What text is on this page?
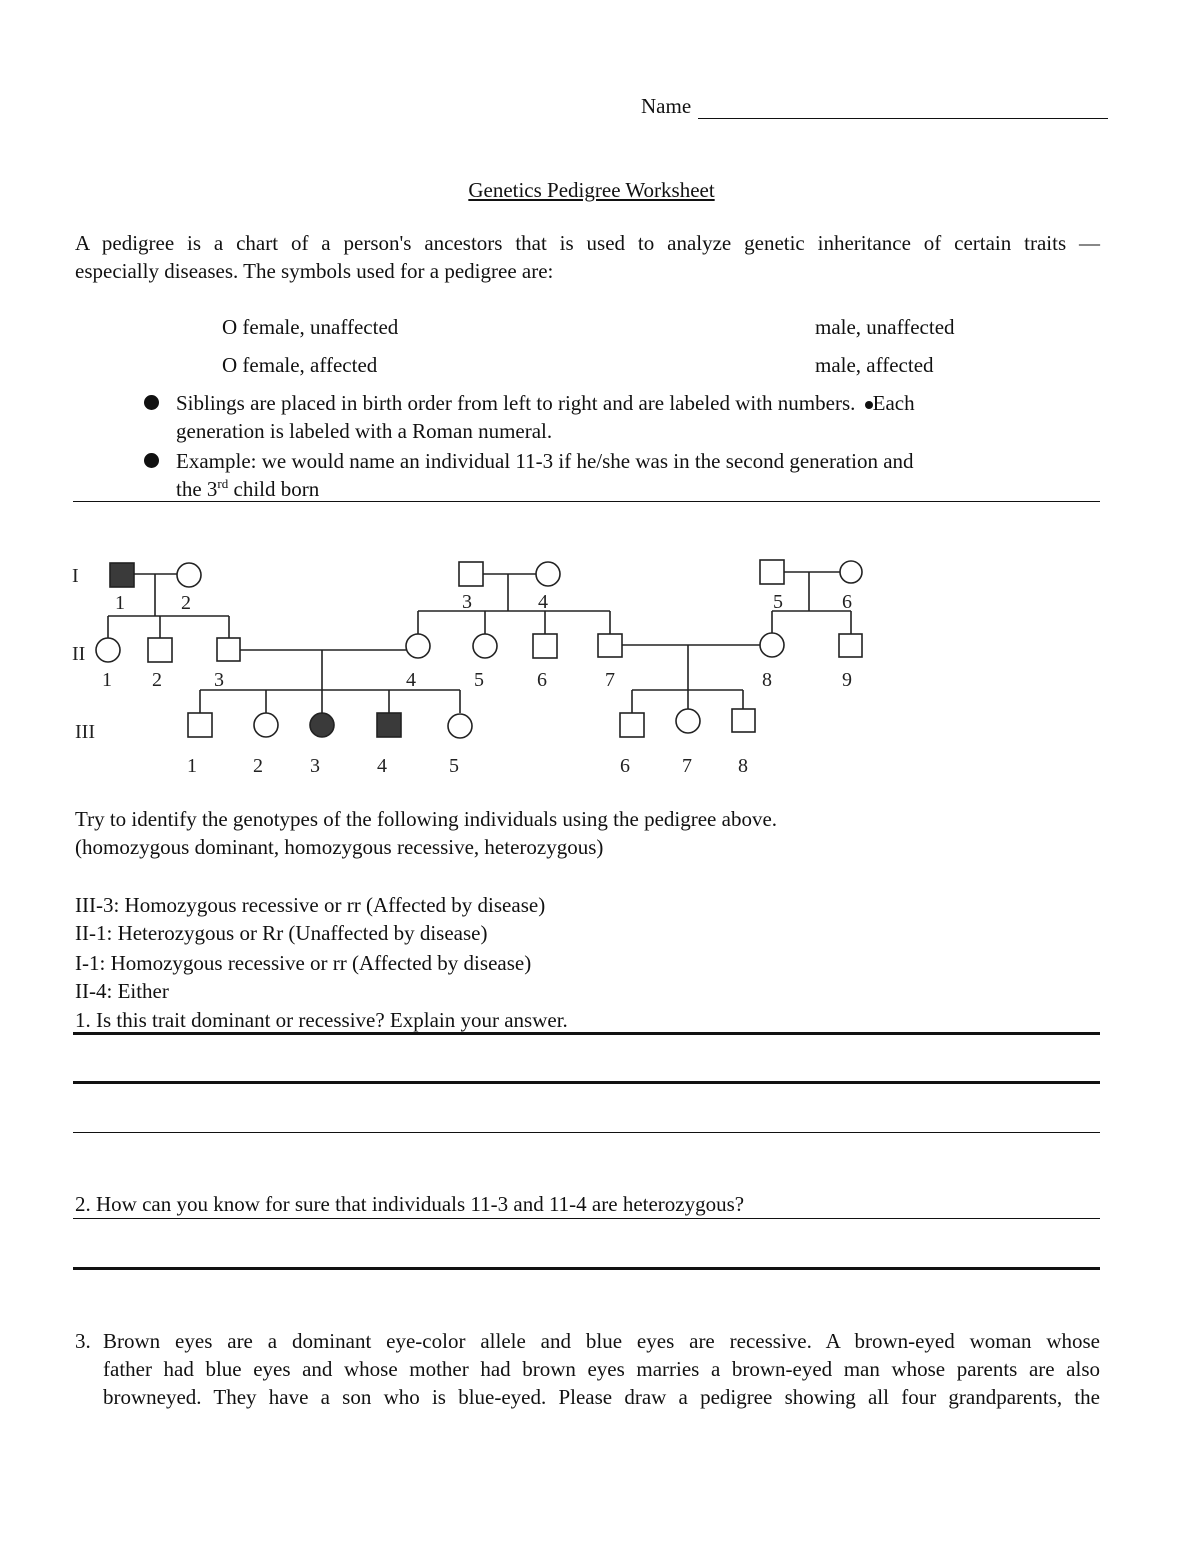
Name
Genetics Pedigree Worksheet
A pedigree is a chart of a person's ancestors that is used to analyze genetic inheritance of certain traits —
especially diseases. The symbols used for a pedigree are:
O female, unaffected	male, unaffected
O female, affected	male, affected
Siblings are placed in birth order from left to right and are labeled with numbers. Each
generation is labeled with a Roman numeral.
Example: we would name an individual 11-3 if he/she was in the second generation and
the 3rd child born
I
II
III
1	2	3	4	5	6
1 2	3	4	5	6	7	8	9
1	2 3	4	5	6	7 8
Try to identify the genotypes of the following individuals using the pedigree above.
(homozygous dominant, homozygous recessive, heterozygous)
III-3: Homozygous recessive or rr (Affected by disease)
II-1: Heterozygous or Rr (Unaffected by disease)
I-1: Homozygous recessive or rr (Affected by disease)
II-4: Either
1. Is this trait dominant or recessive? Explain your answer.
2. How can you know for sure that individuals 11-3 and 11-4 are heterozygous?
3. Brown eyes are a dominant eye-color allele and blue eyes are recessive. A brown-eyed woman whose
father had blue eyes and whose mother had brown eyes marries a brown-eyed man whose parents are also
browneyed. They have a son who is blue-eyed. Please draw a pedigree showing all four grandparents, the
